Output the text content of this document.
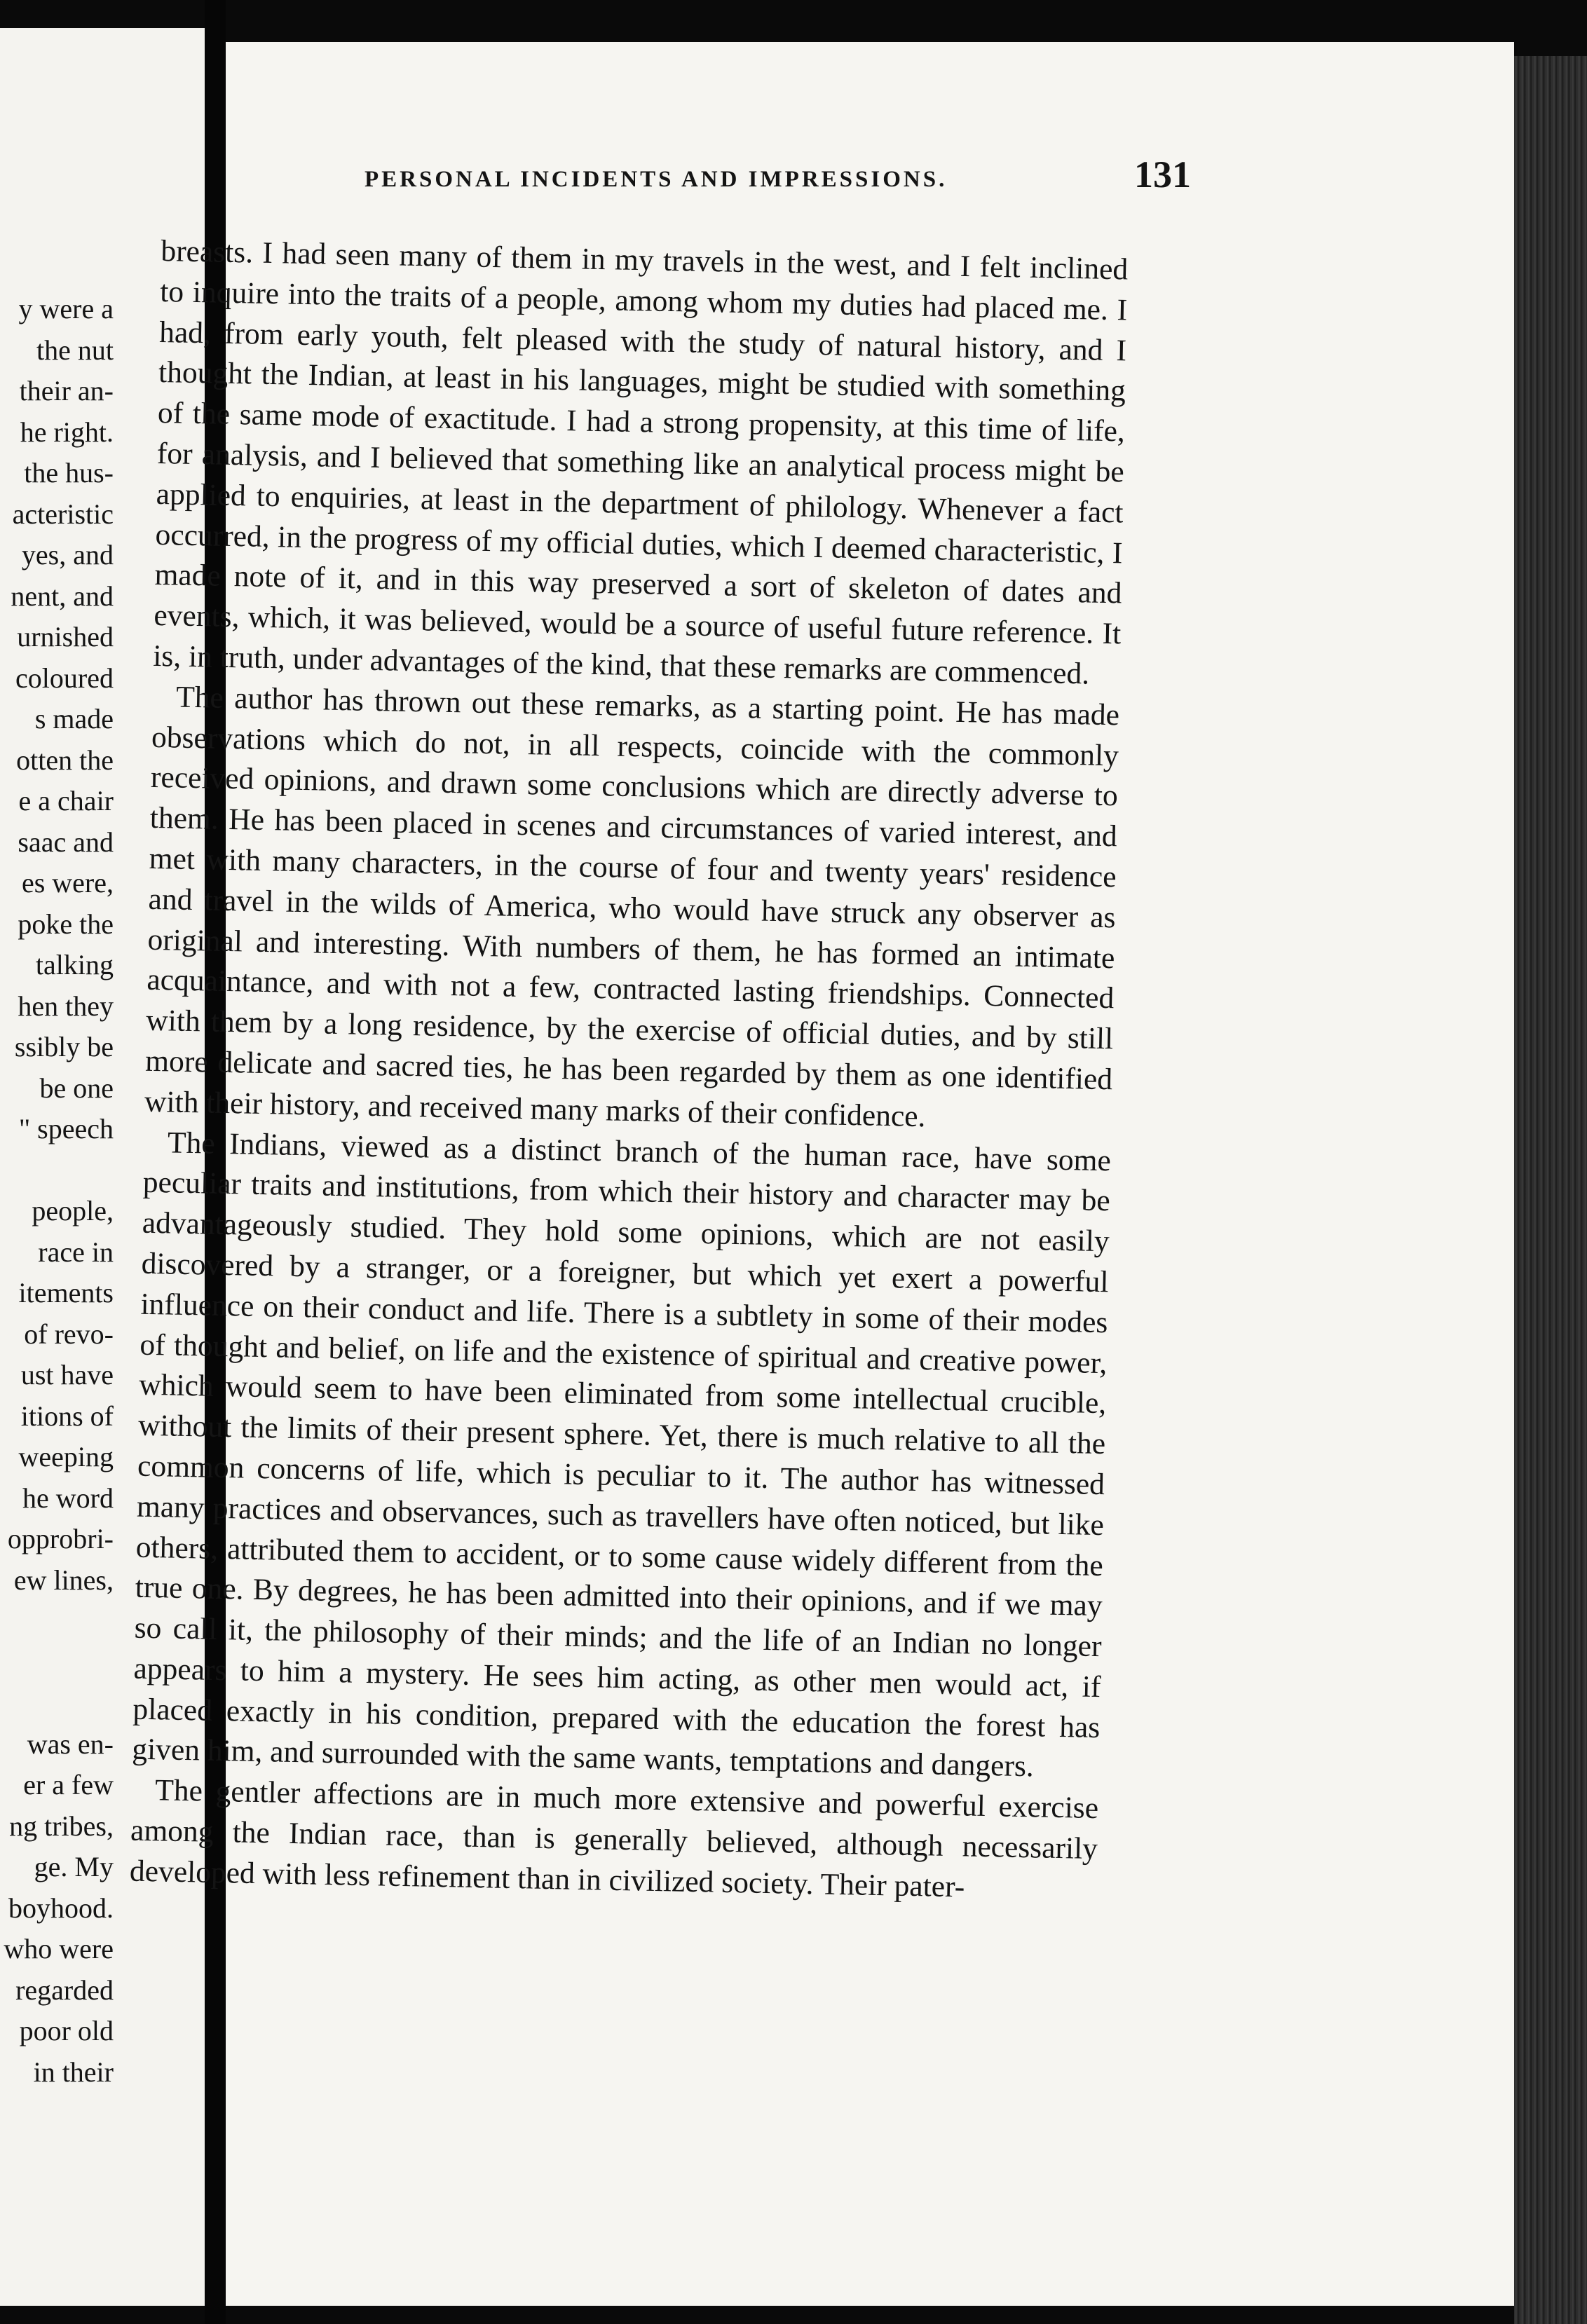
y were a
the nut
their an-
he right.
the hus-
acteristic
yes, and
nent, and
urnished
coloured
s made
otten the
e a chair
saac and
es were,
poke the
talking
hen they
ssibly be
be one
" speech
people,
race in
itements
of revo-
ust have
itions of
weeping
he word
opprobri-
ew lines,
was en-
er a few
ng tribes,
ge. My
boyhood.
who were
regarded
poor old
in their
PERSONAL INCIDENTS AND IMPRESSIONS.	131

breasts. I had seen many of them in my travels in the west, and I felt inclined to inquire into the traits of a people, among whom my duties had placed me. I had, from early youth, felt pleased with the study of natural history, and I thought the Indian, at least in his languages, might be studied with something of the same mode of exactitude. I had a strong propensity, at this time of life, for analysis, and I believed that something like an analytical process might be applied to enquiries, at least in the department of philology. Whenever a fact occurred, in the progress of my official duties, which I deemed characteristic, I made note of it, and in this way preserved a sort of skeleton of dates and events, which, it was believed, would be a source of useful future reference. It is, in truth, under advantages of the kind, that these remarks are commenced.

The author has thrown out these remarks, as a starting point. He has made observations which do not, in all respects, coincide with the commonly received opinions, and drawn some conclusions which are directly adverse to them. He has been placed in scenes and circumstances of varied interest, and met with many characters, in the course of four and twenty years' residence and travel in the wilds of America, who would have struck any observer as original and interesting. With numbers of them, he has formed an intimate acquaintance, and with not a few, contracted lasting friendships. Connected with them by a long residence, by the exercise of official duties, and by still more delicate and sacred ties, he has been regarded by them as one identified with their history, and received many marks of their confidence.

The Indians, viewed as a distinct branch of the human race, have some peculiar traits and institutions, from which their history and character may be advantageously studied. They hold some opinions, which are not easily discovered by a stranger, or a foreigner, but which yet exert a powerful influence on their conduct and life. There is a subtlety in some of their modes of thought and belief, on life and the existence of spiritual and creative power, which would seem to have been eliminated from some intellectual crucible, without the limits of their present sphere. Yet, there is much relative to all the common concerns of life, which is peculiar to it. The author has witnessed many practices and observances, such as travellers have often noticed, but like others, attributed them to accident, or to some cause widely different from the true one. By degrees, he has been admitted into their opinions, and if we may so call it, the philosophy of their minds; and the life of an Indian no longer appears to him a mystery. He sees him acting, as other men would act, if placed exactly in his condition, prepared with the education the forest has given him, and surrounded with the same wants, temptations and dangers.

The gentler affections are in much more extensive and powerful exercise among the Indian race, than is generally believed, although necessarily developed with less refinement than in civilized society. Their pater-
